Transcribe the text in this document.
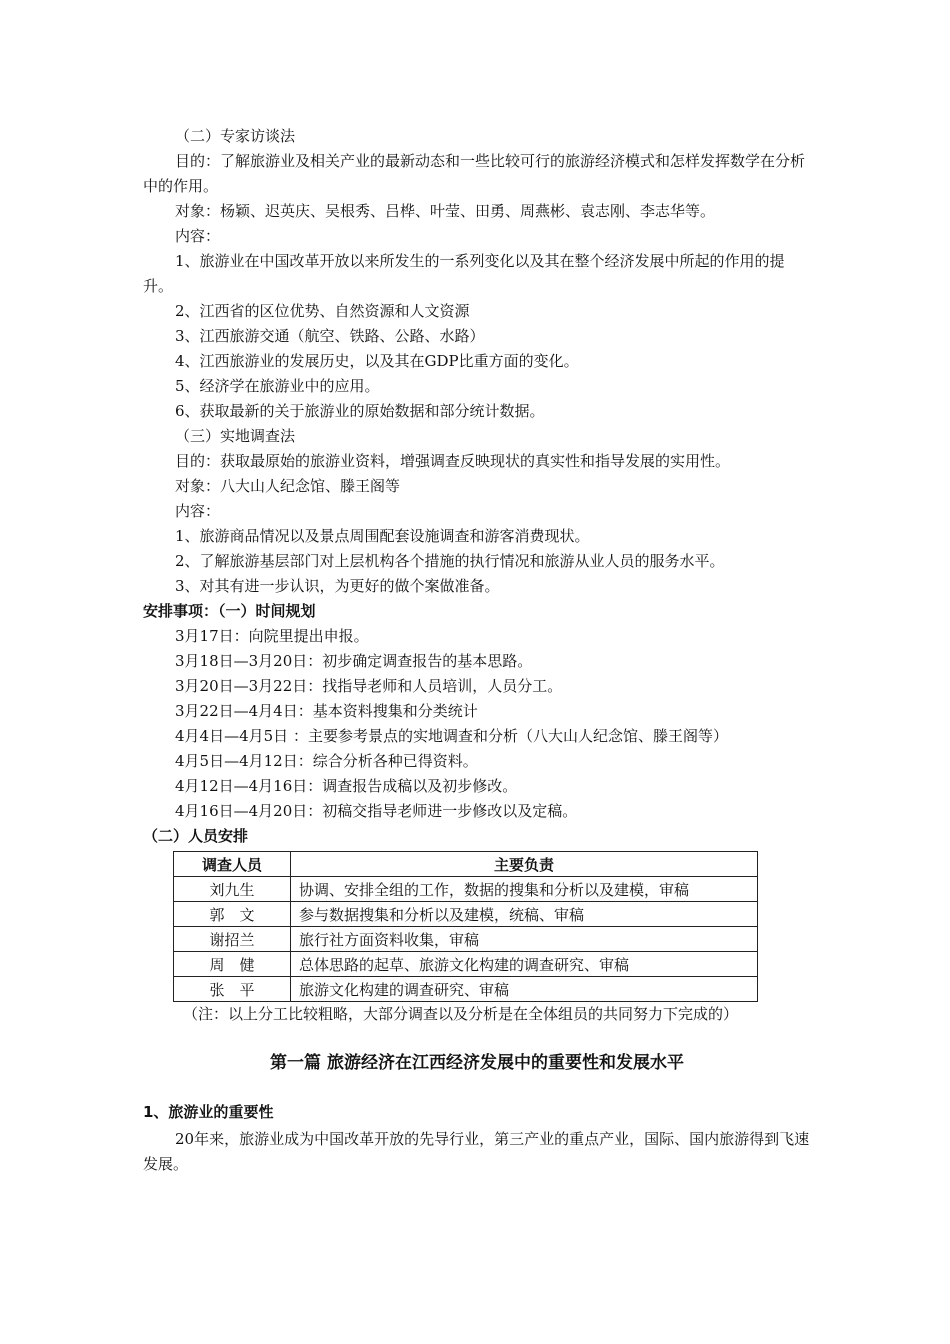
（二）专家访谈法

目的：了解旅游业及相关产业的最新动态和一些比较可行的旅游经济模式和怎样发挥数学在分析中的作用。

对象：杨颖、迟英庆、吴根秀、吕桦、叶莹、田勇、周燕彬、袁志刚、李志华等。

内容：

1、旅游业在中国改革开放以来所发生的一系列变化以及其在整个经济发展中所起的作用的提升。

2、江西省的区位优势、自然资源和人文资源

3、江西旅游交通（航空、铁路、公路、水路）

4、江西旅游业的发展历史，以及其在GDP比重方面的变化。

5、经济学在旅游业中的应用。

6、获取最新的关于旅游业的原始数据和部分统计数据。

（三）实地调查法

目的：获取最原始的旅游业资料，增强调查反映现状的真实性和指导发展的实用性。

对象：八大山人纪念馆、滕王阁等

内容：

1、旅游商品情况以及景点周围配套设施调查和游客消费现状。

2、了解旅游基层部门对上层机构各个措施的执行情况和旅游从业人员的服务水平。

3、对其有进一步认识，为更好的做个案做准备。

安排事项：（一）时间规划

3月17日：向院里提出申报。

3月18日—3月20日：初步确定调查报告的基本思路。

3月20日—3月22日：找指导老师和人员培训，人员分工。

3月22日—4月4日：基本资料搜集和分类统计

4月4日—4月5日 ：主要参考景点的实地调查和分析（八大山人纪念馆、滕王阁等）

4月5日—4月12日：综合分析各种已得资料。

4月12日—4月16日：调查报告成稿以及初步修改。

4月16日—4月20日：初稿交指导老师进一步修改以及定稿。

（二）人员安排

调查人员	主要负责
刘九生	协调、安排全组的工作，数据的搜集和分析以及建模，审稿
郭　文	参与数据搜集和分析以及建模，统稿、审稿
谢招兰	旅行社方面资料收集，审稿
周　健	总体思路的起草、旅游文化构建的调查研究、审稿
张　平	旅游文化构建的调查研究、审稿

（注：以上分工比较粗略，大部分调查以及分析是在全体组员的共同努力下完成的）

第一篇 旅游经济在江西经济发展中的重要性和发展水平

1、旅游业的重要性

20年来，旅游业成为中国改革开放的先导行业，第三产业的重点产业，国际、国内旅游得到飞速发展。
